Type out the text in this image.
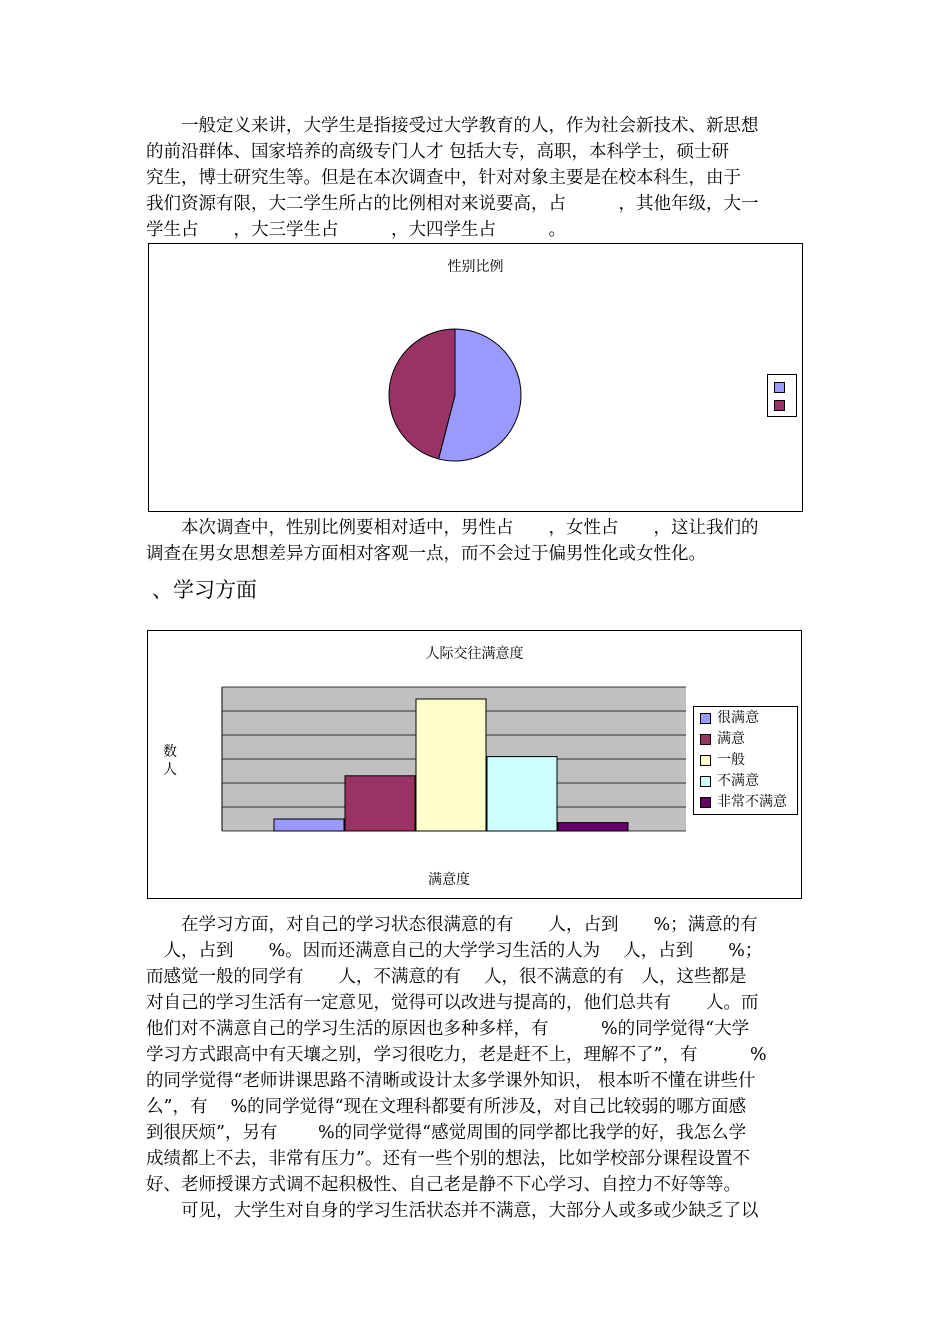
　　一般定义来讲，大学生是指接受过大学教育的人，作为社会新技术、新思想
的前沿群体、国家培养的高级专门人才 包括大专，高职，本科学士，硕士研
究生，博士研究生等。但是在本次调查中，针对对象主要是在校本科生，由于
我们资源有限，大二学生所占的比例相对来说要高，占　　　，其他年级，大一
学生占　　，大三学生占　　　，大四学生占　　　。
性别比例
　　本次调查中，性别比例要相对适中，男性占　　，女性占　　，这让我们的
调查在男女思想差异方面相对客观一点，而不会过于偏男性化或女性化。
、学习方面
人际交往满意度
数
人
满意度
很满意
满意
一般
不满意
非常不满意
　　在学习方面，对自己的学习状态很满意的有　　人，占到　　%；满意的有
　人，占到　　%。因而还满意自己的大学学习生活的人为　 人，占到　　%；
而感觉一般的同学有　　人，不满意的有　 人，很不满意的有　人，这些都是
对自己的学习生活有一定意见，觉得可以改进与提高的，他们总共有　　人。而
他们对不满意自己的学习生活的原因也多种多样，有　　　%的同学觉得“大学
学习方式跟高中有天壤之别，学习很吃力，老是赶不上，理解不了”，有　　　%
的同学觉得“老师讲课思路不清晰或设计太多学课外知识， 根本听不懂在讲些什
么”，有　 %的同学觉得“现在文理科都要有所涉及，对自己比较弱的哪方面感
到很厌烦”，另有　　 %的同学觉得“感觉周围的同学都比我学的好，我怎么学
成绩都上不去，非常有压力”。还有一些个别的想法，比如学校部分课程设置不
好、老师授课方式调不起积极性、自己老是静不下心学习、自控力不好等等。
　　可见，大学生对自身的学习生活状态并不满意，大部分人或多或少缺乏了以
